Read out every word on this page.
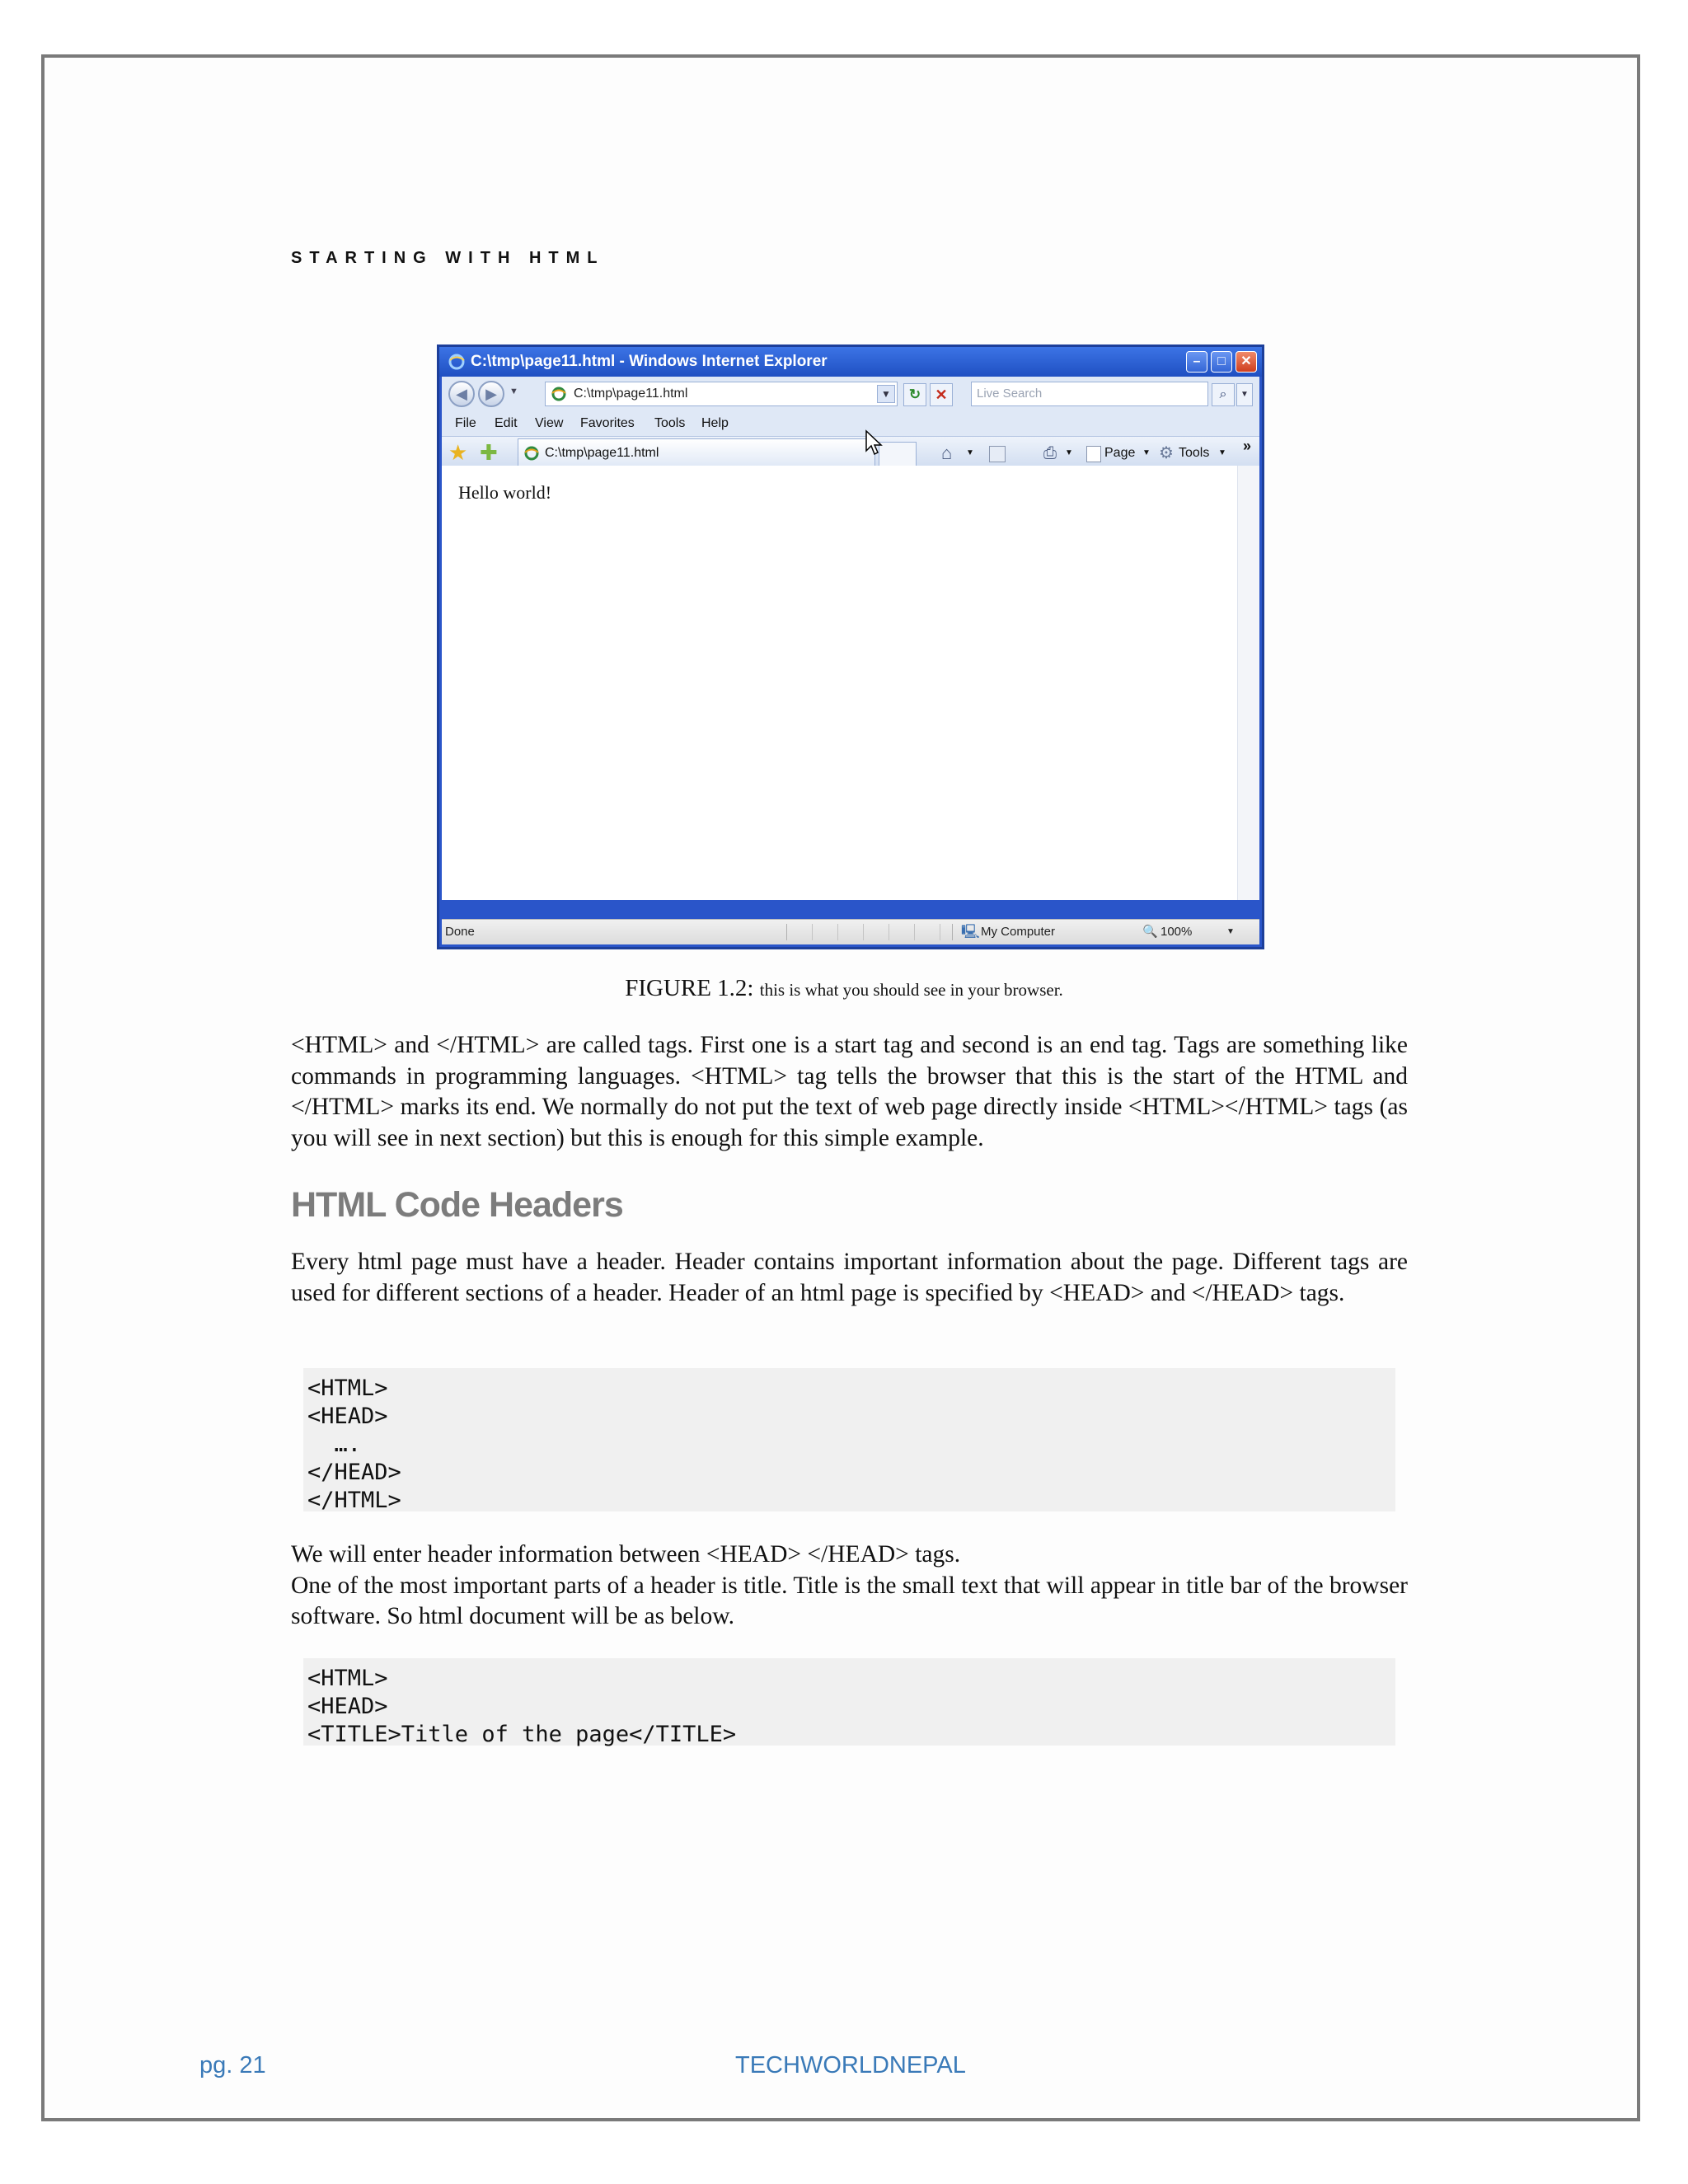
STARTING WITH HTML
C:\tmp\page11.html - Windows Internet Explorer	–	□	✕
◀	▶	▼	C:\tmp\page11.html	▼	↻ ✕	Live Search	⌕	▼
File Edit View Favorites Tools Help
★ ✚	C:\tmp\page11.html	⌂ ▼	⎙ ▼ Page ▼ ⚙ Tools ▼ »
Hello world!
Done	🖳 My Computer	🔍 100%	▼
FIGURE 1.2: this is what you should see in your browser.
<HTML> and </HTML> are called tags. First one is a start tag and second is an end tag. Tags are something like commands in programming languages. <HTML> tag tells the browser that this is the start of the HTML and </HTML> marks its end. We normally do not put the text of web page directly inside <HTML></HTML> tags (as you will see in next section) but this is enough for this simple example.
HTML Code Headers
Every html page must have a header. Header contains important information about the page. Different tags are used for different sections of a header. Header of an html page is specified by <HEAD> and </HEAD> tags.
<HTML>
<HEAD>
….
</HEAD>
</HTML>
We will enter header information between <HEAD> </HEAD> tags.
One of the most important parts of a header is title. Title is the small text that will appear in title bar of the browser software. So html document will be as below.
<HTML>
<HEAD>
<TITLE>Title of the page</TITLE>
pg. 21	TECHWORLDNEPAL
